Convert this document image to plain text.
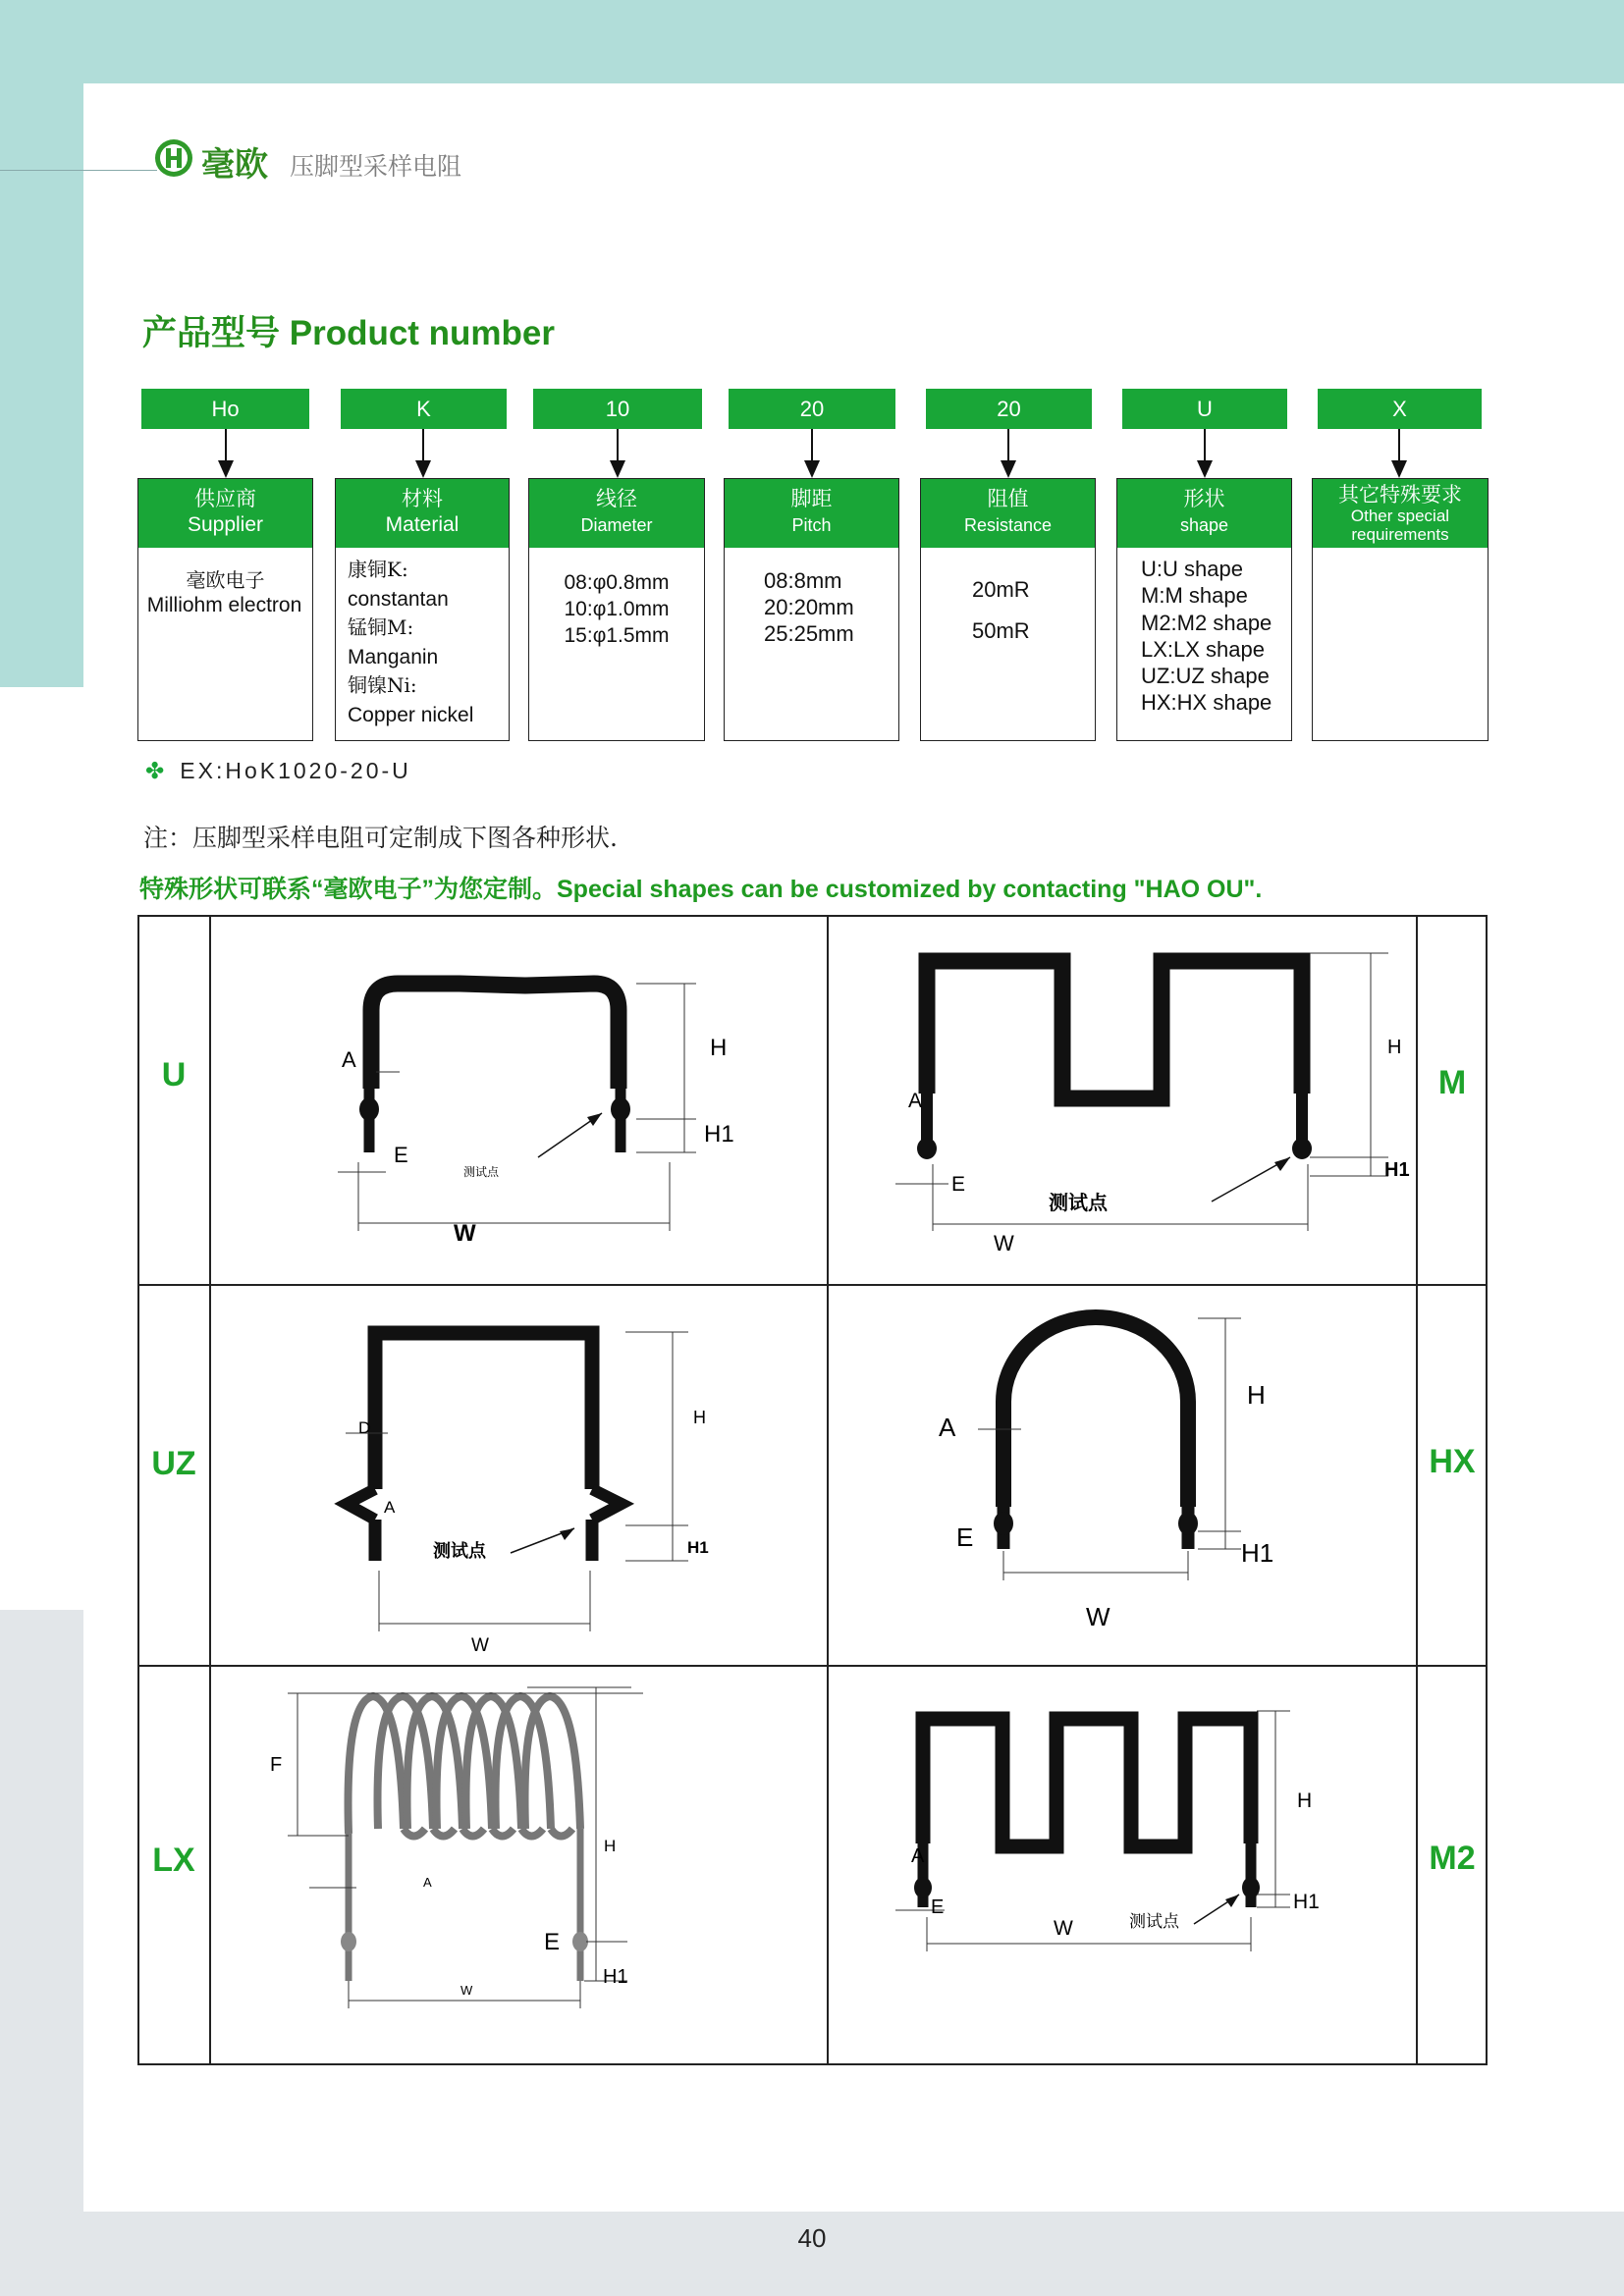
毫欧 压脚型采样电阻
产品型号 Product number
Ho	K	10	20	20	U	X
供应商
Supplier
毫欧电子
Milliohm electron
材料
Material
康铜K:
constantan
锰铜M:
Manganin
铜镍Ni:
Copper nickel
线径
Diameter
08:φ0.8mm
10:φ1.0mm
15:φ1.5mm
脚距
Pitch
08:8mm
20:20mm
25:25mm
阻值
Resistance
20mR
50mR
形状
shape
U:U shape
M:M shape
M2:M2 shape
LX:LX shape
UZ:UZ shape
HX:HX shape
其它特殊要求
Other special requirements
✤ EX:HoK1020-20-U
注：压脚型采样电阻可定制成下图各种形状.
特殊形状可联系“毫欧电子”为您定制。Special shapes can be customized by contacting "HAO OU".
U	M
UZ	HX
LX	M2
A
E
H
H1
W
测试点
A
E
H
H1
W
测试点
D
A
H
H1
W
测试点
A
E
H
H1
W
F
A
E
H
H1
W
A
E
H
H1
W	测试点
40
